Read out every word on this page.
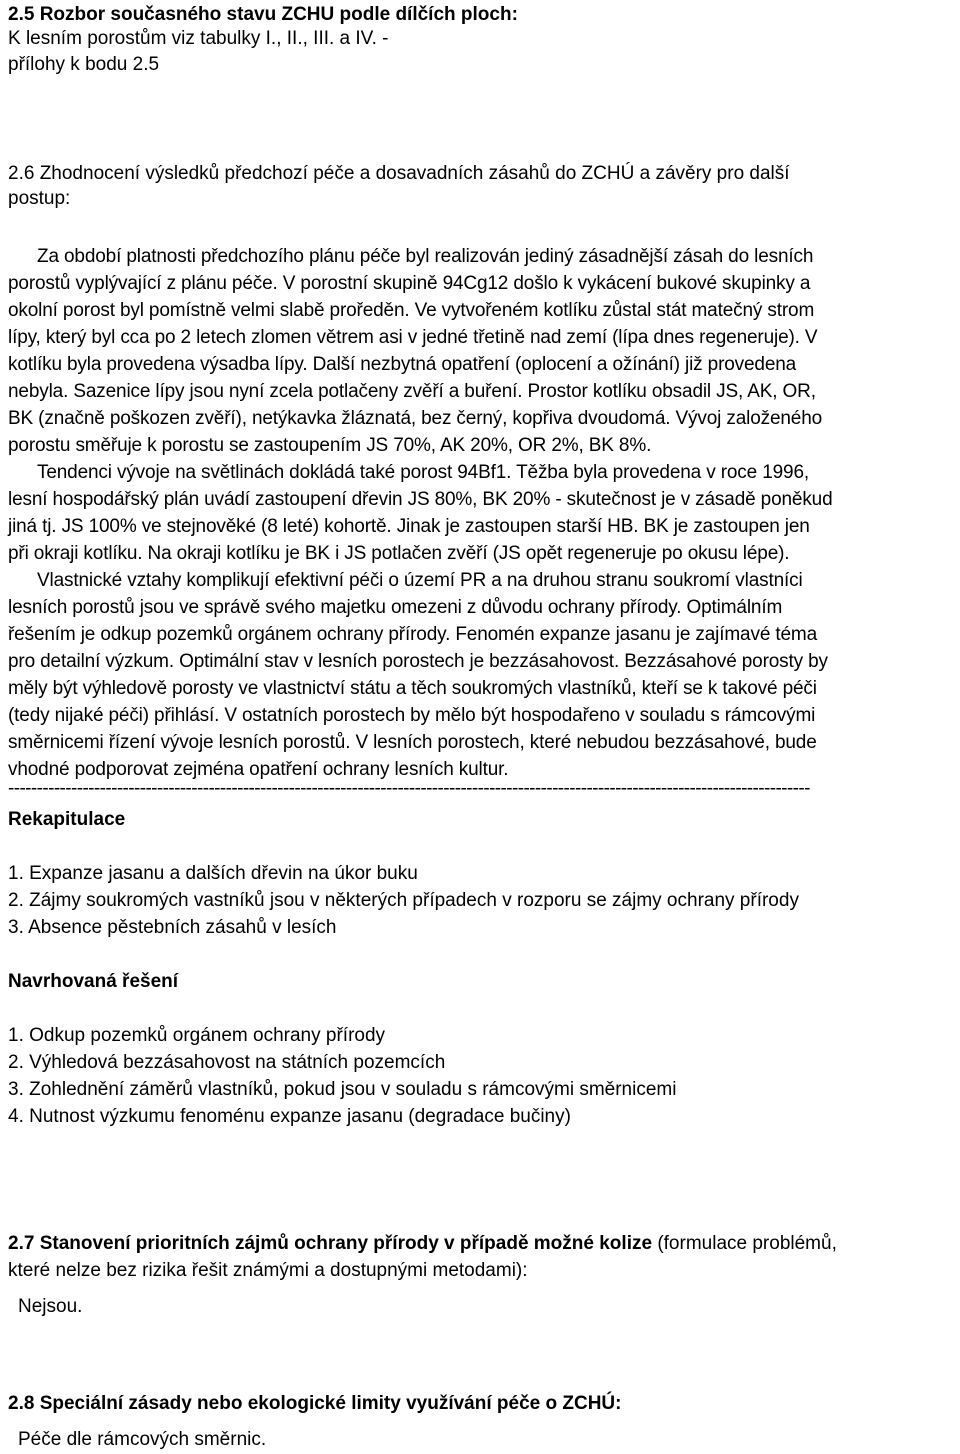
2.5 Rozbor současného stavu ZCHU podle dílčích ploch:
K lesním porostům viz tabulky I., II., III. a IV. -
přílohy k bodu 2.5
2.6 Zhodnocení výsledků předchozí péče a dosavadních zásahů do ZCHÚ a závěry pro další
postup:
Za období platnosti předchozího plánu péče byl realizován jediný zásadnější zásah do lesních
porostů vyplývající z plánu péče. V porostní skupině 94Cg12 došlo k vykácení bukové skupinky a
okolní porost byl pomístně velmi slabě proředěn. Ve vytvořeném kotlíku zůstal stát matečný strom
lípy, který byl cca po 2 letech zlomen větrem asi v jedné třetině nad zemí (lípa dnes regeneruje). V
kotlíku byla provedena výsadba lípy. Další nezbytná opatření (oplocení a ožínání) již provedena
nebyla. Sazenice lípy jsou nyní zcela potlačeny zvěří a buření. Prostor kotlíku obsadil JS, AK, OR,
BK (značně poškozen zvěří), netýkavka žláznatá, bez černý, kopřiva dvoudomá. Vývoj založeného
porostu směřuje k porostu se zastoupením JS 70%, AK 20%, OR 2%, BK 8%.
Tendenci vývoje na světlinách dokládá také porost 94Bf1. Těžba byla provedena v roce 1996,
lesní hospodářský plán uvádí zastoupení dřevin JS 80%, BK 20% - skutečnost je v zásadě poněkud
jiná tj. JS 100% ve stejnověké (8 leté) kohortě. Jinak je zastoupen starší HB. BK je zastoupen jen
při okraji kotlíku. Na okraji kotlíku je BK i JS potlačen zvěří (JS opět regeneruje po okusu lépe).
Vlastnické vztahy komplikují efektivní péči o území PR a na druhou stranu soukromí vlastníci
lesních porostů jsou ve správě svého majetku omezeni z důvodu ochrany přírody. Optimálním
řešením je odkup pozemků orgánem ochrany přírody. Fenomén expanze jasanu je zajímavé téma
pro detailní výzkum. Optimální stav v lesních porostech je bezzásahovost. Bezzásahové porosty by
měly být výhledově porosty ve vlastnictví státu a těch soukromých vlastníků, kteří se k takové péči
(tedy nijaké péči) přihlásí. V ostatních porostech by mělo být hospodařeno v souladu s rámcovými
směrnicemi řízení vývoje lesních porostů. V lesních porostech, které nebudou bezzásahové, bude
vhodné podporovat zejména opatření ochrany lesních kultur.
--------------------------------------------------------------------------------------------------------------------------------------------
Rekapitulace
1. Expanze jasanu a dalších dřevin na úkor buku
2. Zájmy soukromých vastníků jsou v některých případech v rozporu se zájmy ochrany přírody
3. Absence pěstebních zásahů v lesích
Navrhovaná řešení
1. Odkup pozemků orgánem ochrany přírody
2. Výhledová bezzásahovost na státních pozemcích
3. Zohlednění záměrů vlastníků, pokud jsou v souladu s rámcovými směrnicemi
4. Nutnost výzkumu fenoménu expanze jasanu (degradace bučiny)
2.7 Stanovení prioritních zájmů ochrany přírody v případě možné kolize (formulace problémů,
které nelze bez rizika řešit známými a dostupnými metodami):
Nejsou.
2.8 Speciální zásady nebo ekologické limity využívání péče o ZCHÚ:
Péče dle rámcových směrnic.
